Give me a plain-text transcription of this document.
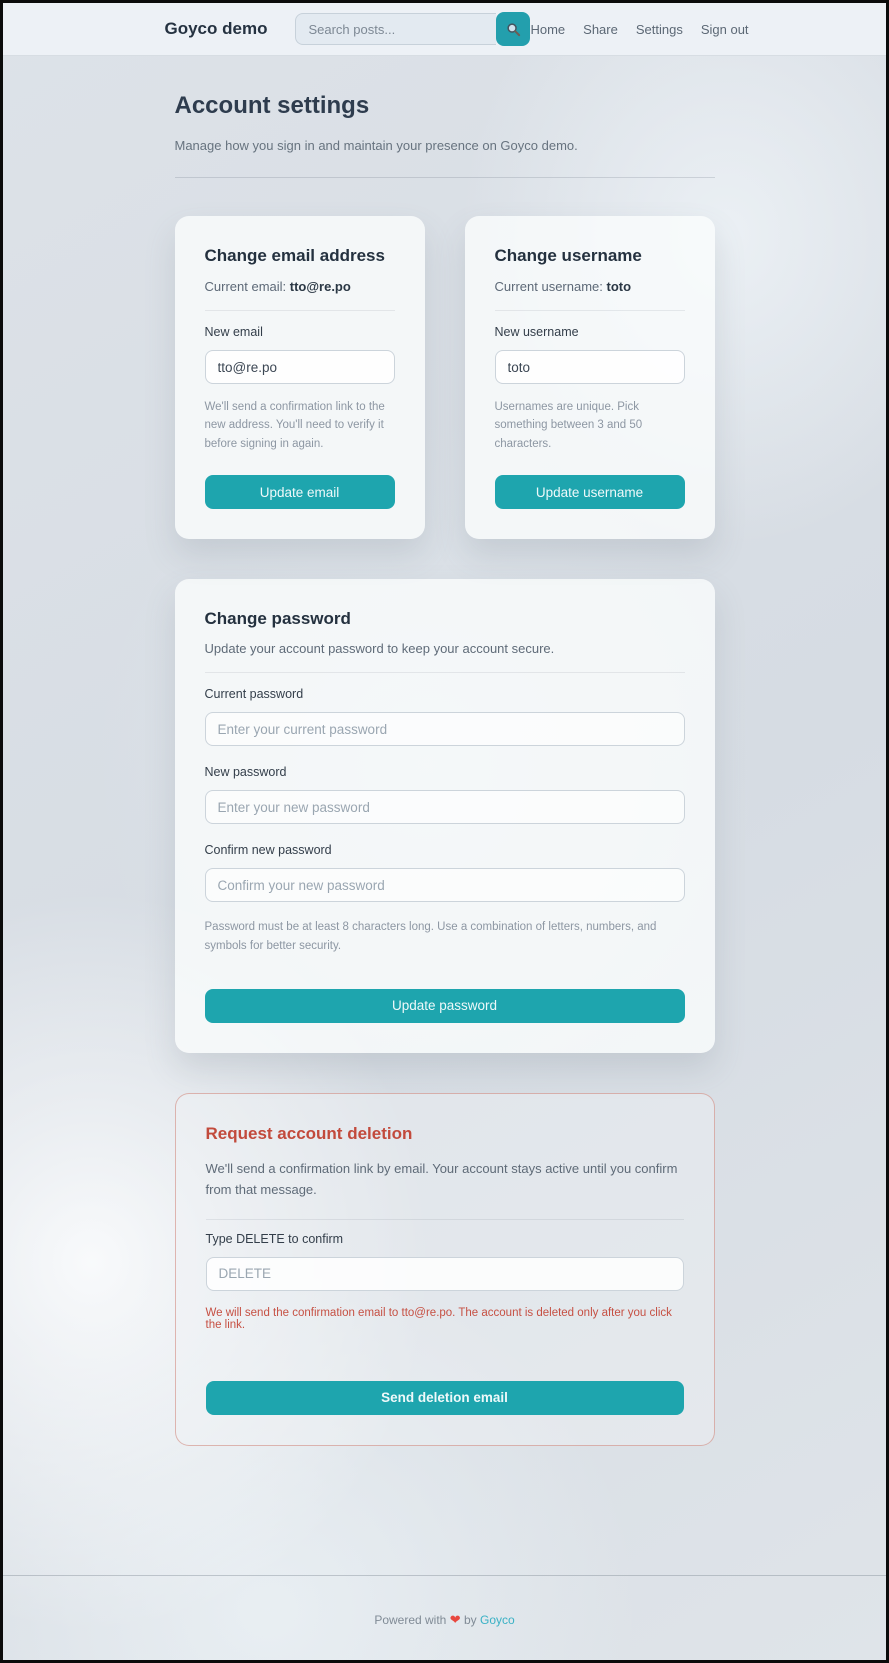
Goyco demo
Search posts...	Home Share Settings Sign out
Account settings

Manage how you sign in and maintain your presence on Goyco demo.

Change email address

Current email: tto@re.po

New email
tto@re.po

We'll send a confirmation link to the new address. You'll need to verify it before signing in again.

Update email
Change username

Current username: toto

New username
toto

Usernames are unique. Pick something between 3 and 50 characters.

Update username
Change password

Update your account password to keep your account secure.

Current password
New password
Confirm new password

Password must be at least 8 characters long. Use a combination of letters, numbers, and symbols for better security.

Update password
Request account deletion

We'll send a confirmation link by email. Your account stays active until you confirm from that message.

Type DELETE to confirm
DELETE

We will send the confirmation email to tto@re.po. The account is deleted only after you click the link.

Send deletion email
Powered with ❤ by Goyco
